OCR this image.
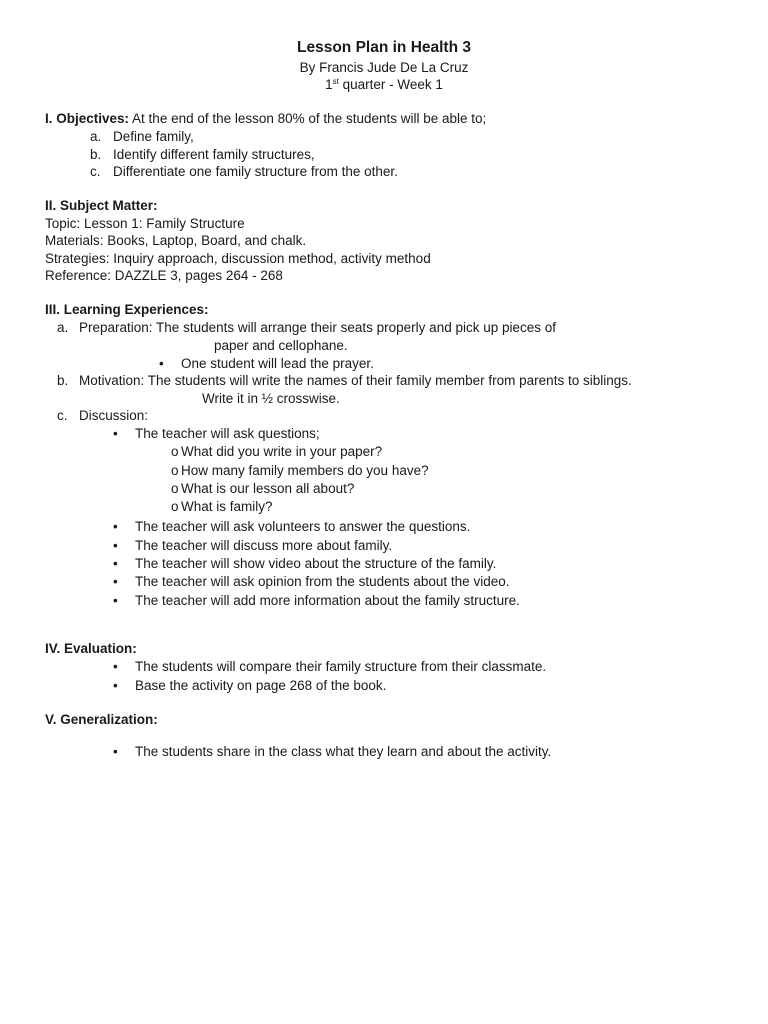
Lesson Plan in Health 3
By Francis Jude De La Cruz
1st quarter - Week 1
I. Objectives: At the end of the lesson 80% of the students will be able to;
a. Define family,
b. Identify different family structures,
c. Differentiate one family structure from the other.
II. Subject Matter:
Topic: Lesson 1: Family Structure
Materials: Books, Laptop, Board, and chalk.
Strategies: Inquiry approach, discussion method, activity method
Reference: DAZZLE 3, pages 264 - 268
III. Learning Experiences:
a. Preparation: The students will arrange their seats properly and pick up pieces of
paper and cellophane.
• One student will lead the prayer.
b. Motivation: The students will write the names of their family member from parents to siblings.
Write it in ½ crosswise.
c. Discussion:
• The teacher will ask questions;
o What did you write in your paper?
o How many family members do you have?
o What is our lesson all about?
o What is family?
• The teacher will ask volunteers to answer the questions.
• The teacher will discuss more about family.
• The teacher will show video about the structure of the family.
• The teacher will ask opinion from the students about the video.
• The teacher will add more information about the family structure.
IV. Evaluation:
• The students will compare their family structure from their classmate.
• Base the activity on page 268 of the book.
V. Generalization:
• The students share in the class what they learn and about the activity.
